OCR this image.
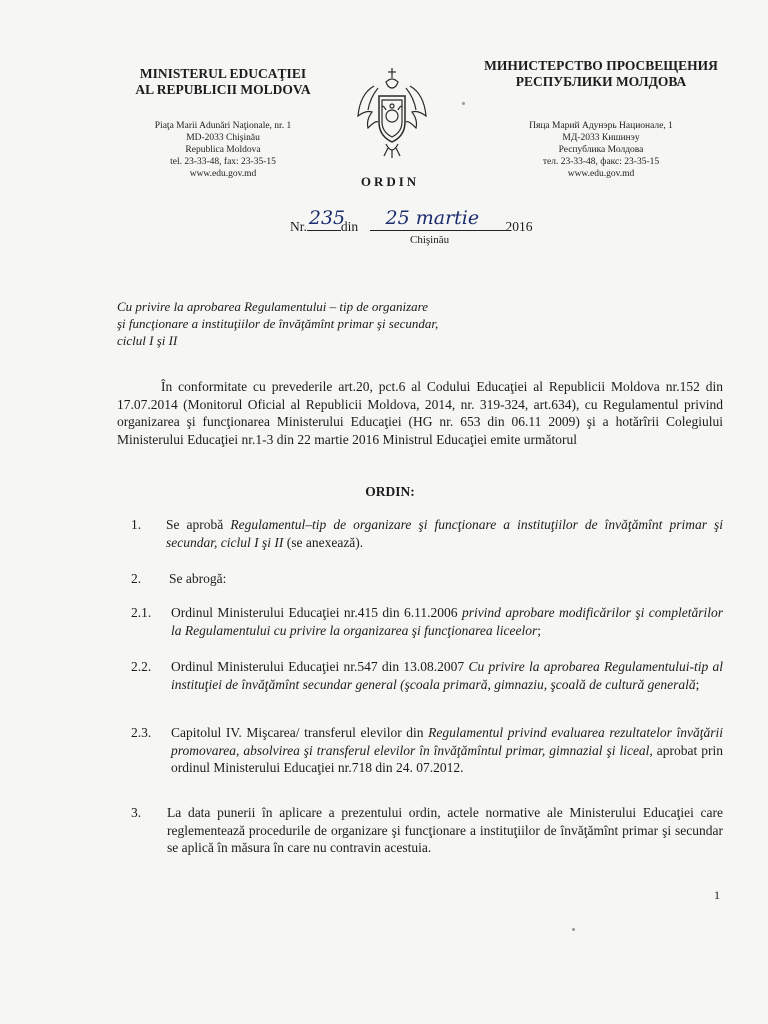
MINISTERUL EDUCAŢIEI
AL REPUBLICII MOLDOVA
Piaţa Marii Adunări Naţionale, nr. 1
MD-2033 Chişinău
Republica Moldova
tel. 23-33-48, fax: 23-35-15
www.edu.gov.md
МИНИСТЕРСТВО ПРОСВЕЩЕНИЯ
РЕСПУБЛИКИ МОЛДОВА
Пяца Марий Адунэрь Национале, 1
МД-2033 Кишинэу
Республика Молдова
тел. 23-33-48, факс: 23-35-15
www.edu.gov.md
ORDIN
Nr. 235
din 25 martie 2016
Chişinău
Cu privire la aprobarea Regulamentului – tip de organizare
şi funcţionare a instituţiilor de învăţămînt primar şi secundar,
ciclul I şi II
În conformitate cu prevederile art.20, pct.6 al Codului Educaţiei al Republicii Moldova nr.152 din 17.07.2014 (Monitorul Oficial al Republicii Moldova, 2014, nr. 319-324, art.634), cu Regulamentul privind organizarea şi funcţionarea Ministerului Educaţiei (HG nr. 653 din 06.11 2009) şi a hotărîrii Colegiului Ministerului Educaţiei nr.1-3 din 22 martie 2016 Ministrul Educaţiei emite următorul
ORDIN:
1. Se aprobă Regulamentul–tip de organizare şi funcţionare a instituţiilor de învăţămînt primar şi secundar, ciclul I şi II (se anexează).
2. Se abrogă:
2.1. Ordinul Ministerului Educaţiei nr.415 din 6.11.2006 privind aprobare modificărilor şi completărilor la Regulamentului cu privire la organizarea şi funcţionarea liceelor;
2.2. Ordinul Ministerului Educaţiei nr.547 din 13.08.2007 Cu privire la aprobarea Regulamentului-tip al instituţiei de învăţămînt secundar general (şcoala primară, gimnaziu, şcoală de cultură generală;
2.3. Capitolul IV. Mişcarea/ transferul elevilor din Regulamentul privind evaluarea rezultatelor învăţării promovarea, absolvirea şi transferul elevilor în învăţămîntul primar, gimnazial şi liceal, aprobat prin ordinul Ministerului Educaţiei nr.718 din 24. 07.2012.
3. La data punerii în aplicare a prezentului ordin, actele normative ale Ministerului Educaţiei care reglementează procedurile de organizare şi funcţionare a instituţiilor de învăţămînt primar şi secundar se aplică în măsura în care nu contravin acestuia.
1
